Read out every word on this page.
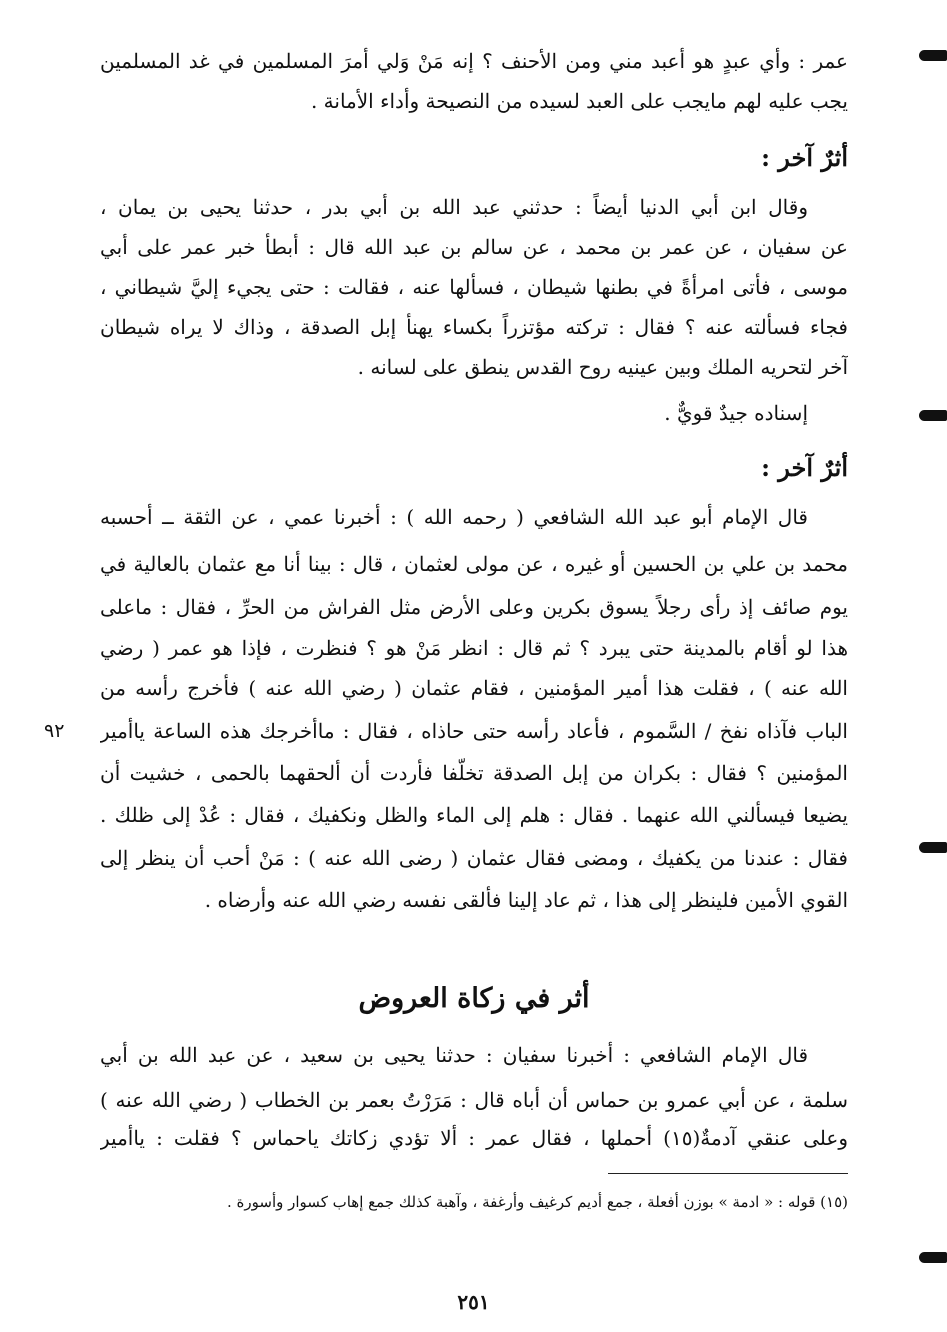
عمر : وأي عبدٍ هو أعبد مني ومن الأحنف ؟ إنه مَنْ وَلي أمرَ المسلمين في غد المسلمين
يجب عليه لهم مايجب على العبد لسيده من النصيحة وأداء الأمانة .
أثرٌ آخر :
وقال ابن أبي الدنيا أيضاً : حدثني عبد الله بن أبي بدر ، حدثنا يحيى بن يمان ،
عن سفيان ، عن عمر بن محمد ، عن سالم بن عبد الله قال : أبطأ خبر عمر على أبي
موسى ، فأتى امرأةً في بطنها شيطان ، فسألها عنه ، فقالت : حتى يجيء إليَّ شيطاني ،
فجاء فسألته عنه ؟ فقال : تركته مؤتزراً بكساء يهنأ إبل الصدقة ، وذاك لا يراه شيطان
آخر لتحريه الملك وبين عينيه روح القدس ينطق على لسانه .
إسناده جيدٌ قويٌّ .
أثرٌ آخر :
قال الإمام أبو عبد الله الشافعي ( رحمه الله ) : أخبرنا عمي ، عن الثقة ــ أحسبه
محمد بن علي بن الحسين أو غيره ، عن مولى لعثمان ، قال : بينا أنا مع عثمان بالعالية في
يوم صائف إذ رأى رجلاً يسوق بكرين وعلى الأرض مثل الفراش من الحرِّ ، فقال : ماعلى
هذا لو أقام بالمدينة حتى يبرد ؟ ثم قال : انظر مَنْ هو ؟ فنظرت ، فإذا هو عمر ( رضي
الله عنه ) ، فقلت هذا أمير المؤمنين ، فقام عثمان ( رضي الله عنه ) فأخرج رأسه من
الباب فآذاه نفخ / السَّموم ، فأعاد رأسه حتى حاذاه ، فقال : ماأخرجك هذه الساعة ياأمير
المؤمنين ؟ فقال : بكران من إبل الصدقة تخلَّفا فأردت أن ألحقهما بالحمى ، خشيت أن
يضيعا فيسألني الله عنهما . فقال : هلم إلى الماء والظل ونكفيك ، فقال : عُدْ إلى ظلك .
فقال : عندنا من يكفيك ، ومضى فقال عثمان ( رضى الله عنه ) : مَنْ أحب أن ينظر إلى
القوي الأمين فلينظر إلى هذا ، ثم عاد إلينا فألقى نفسه رضي الله عنه وأرضاه .
أثر في زكاة العروض
قال الإمام الشافعي : أخبرنا سفيان : حدثنا يحيى بن سعيد ، عن عبد الله بن أبي
سلمة ، عن أبي عمرو بن حماس أن أباه قال : مَرَرْتُ بعمر بن الخطاب ( رضي الله عنه )
وعلى عنقي آدمةٌ(١٥) أحملها ، فقال عمر : ألا تؤدي زكاتك ياحماس ؟ فقلت : ياأمير
(١٥) قوله : « ادمة » بوزن أفعلة ، جمع أديم كرغيف وأرغفة ، وآهبة كذلك جمع إهاب كسوار وأسورة .
٩٢
٢٥١
